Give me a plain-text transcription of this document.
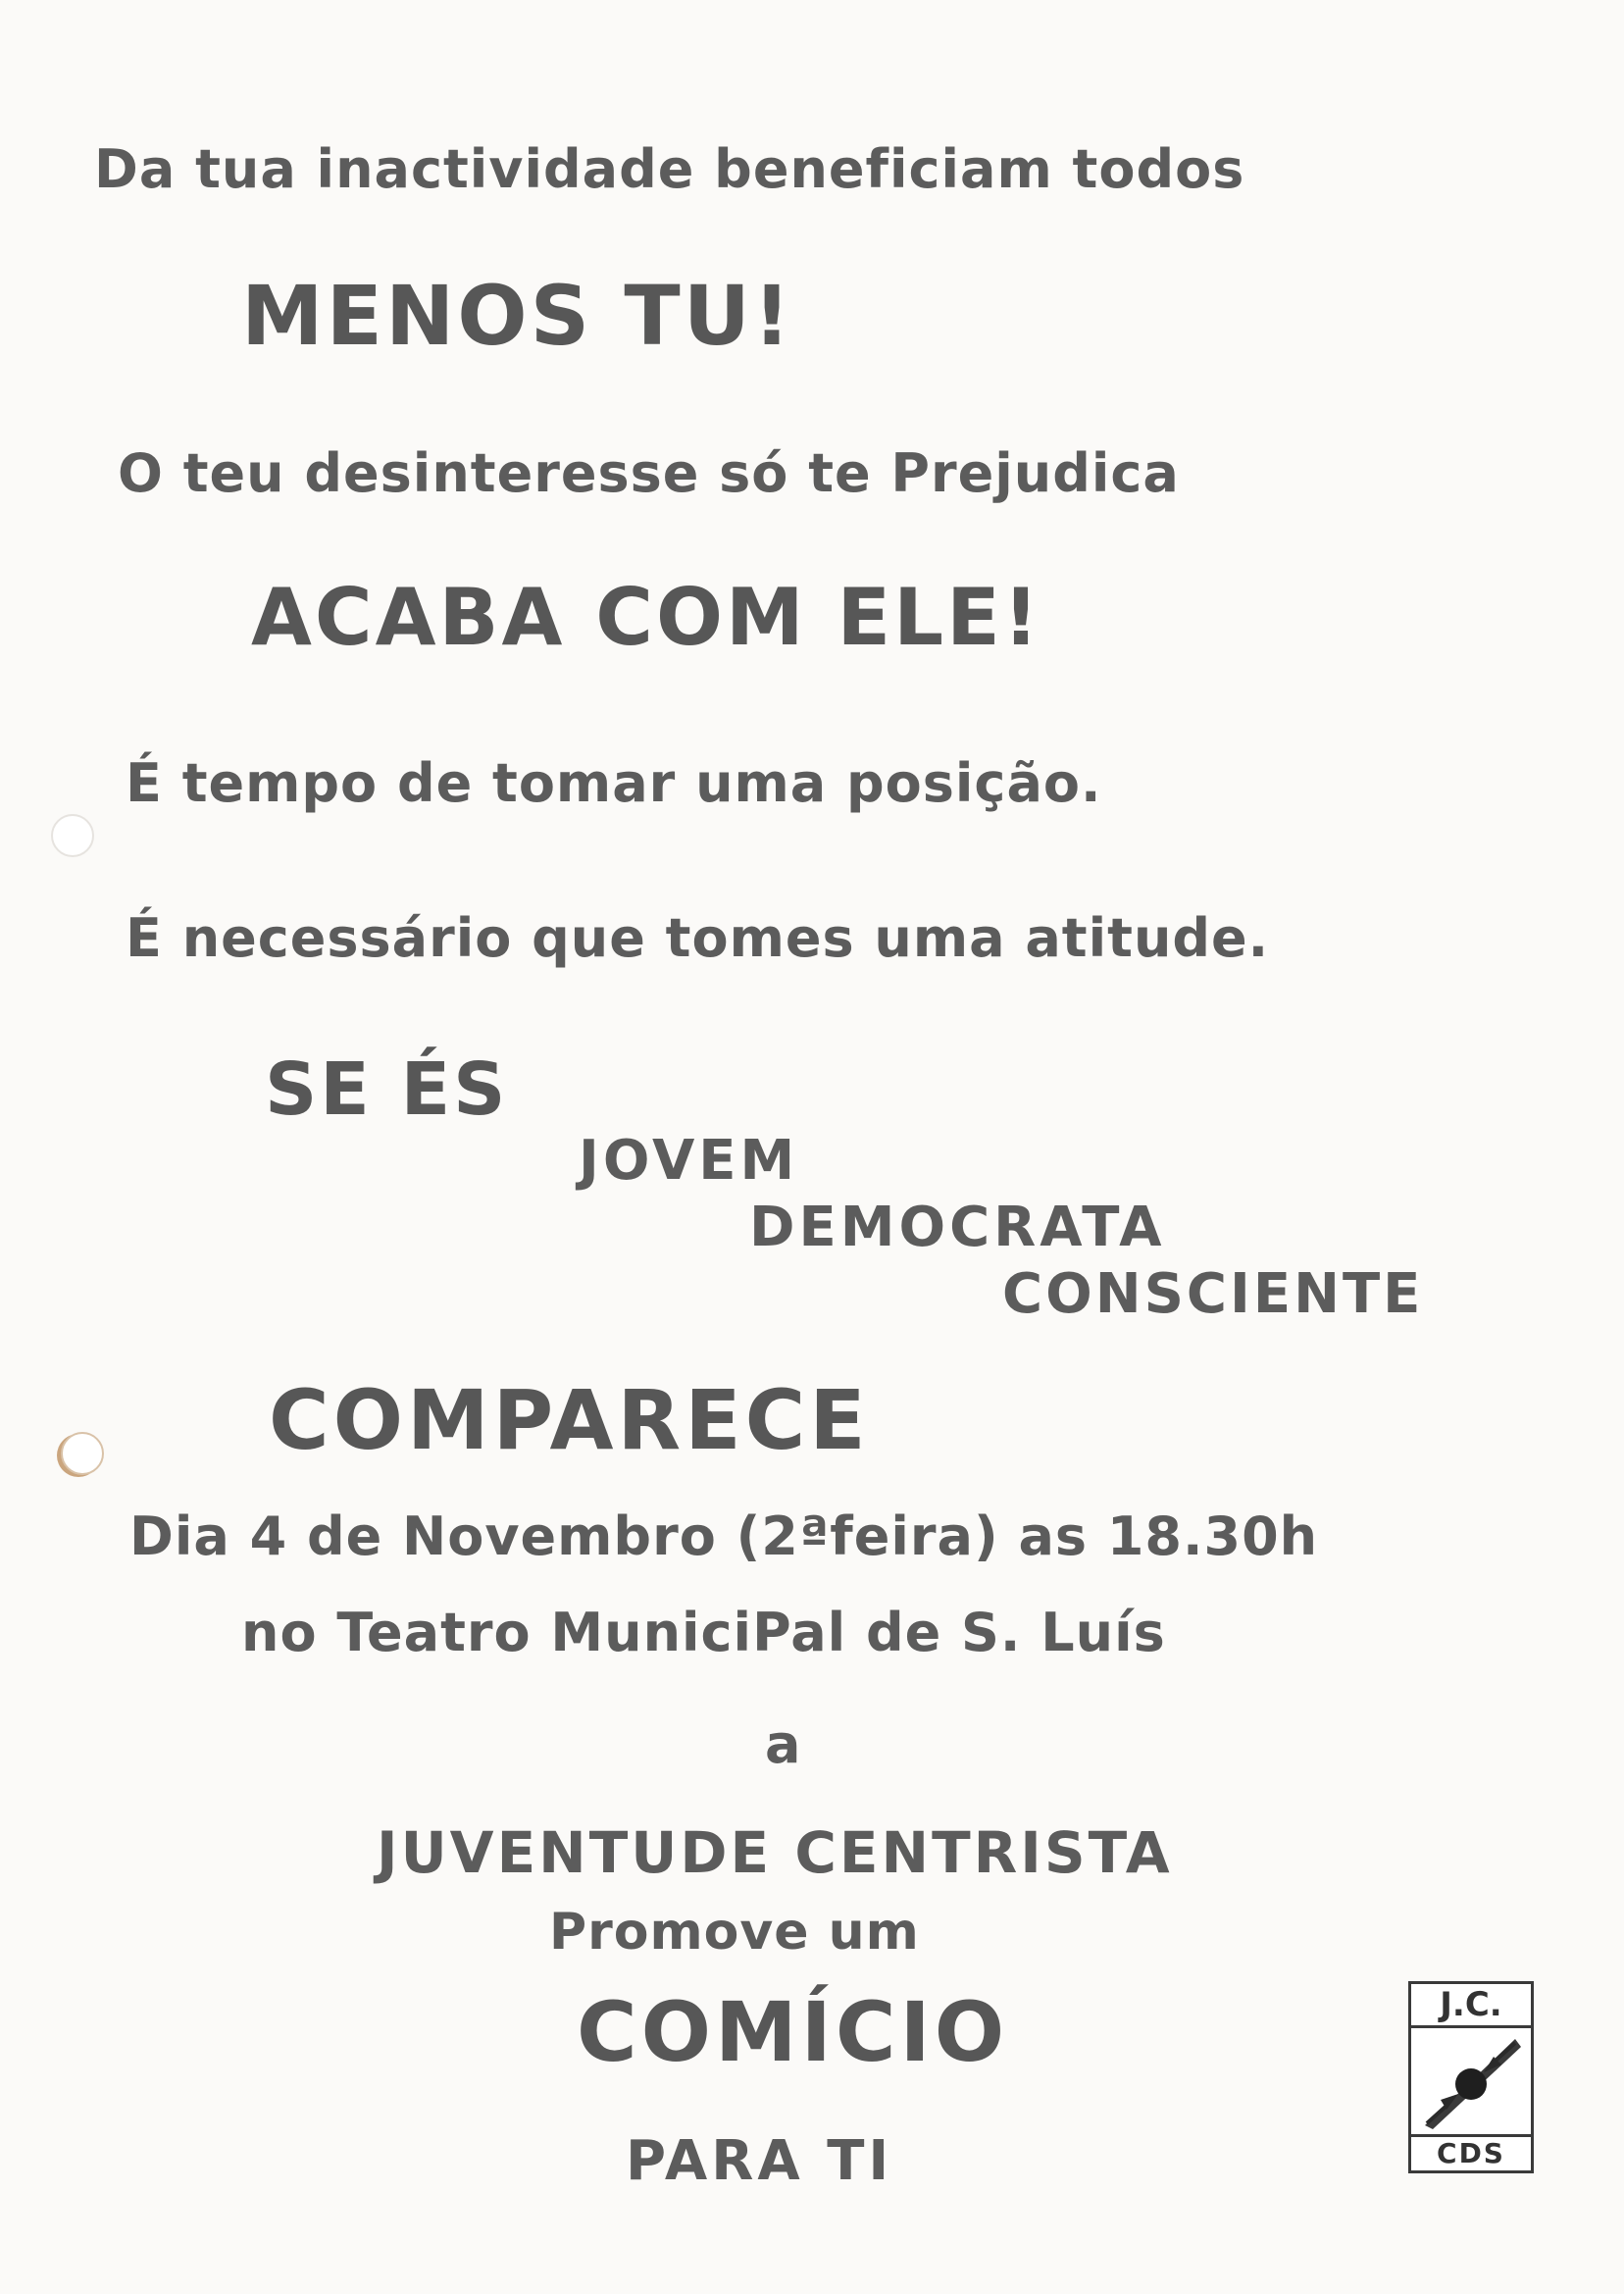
Da tua inactividade beneficiam todos
MENOS TU!
O teu desinteresse só te Prejudica
ACABA COM ELE!
É tempo de tomar uma posição.
É necessário que tomes uma atitude.
SE ÉS
JOVEM
DEMOCRATA
CONSCIENTE
COMPARECE
Dia 4 de Novembro (2ªfeira) as 18.30h
no Teatro MuniciPal de S. Luís
a
JUVENTUDE CENTRISTA
Promove um
COMÍCIO
PARA TI
J.C.
CDS
